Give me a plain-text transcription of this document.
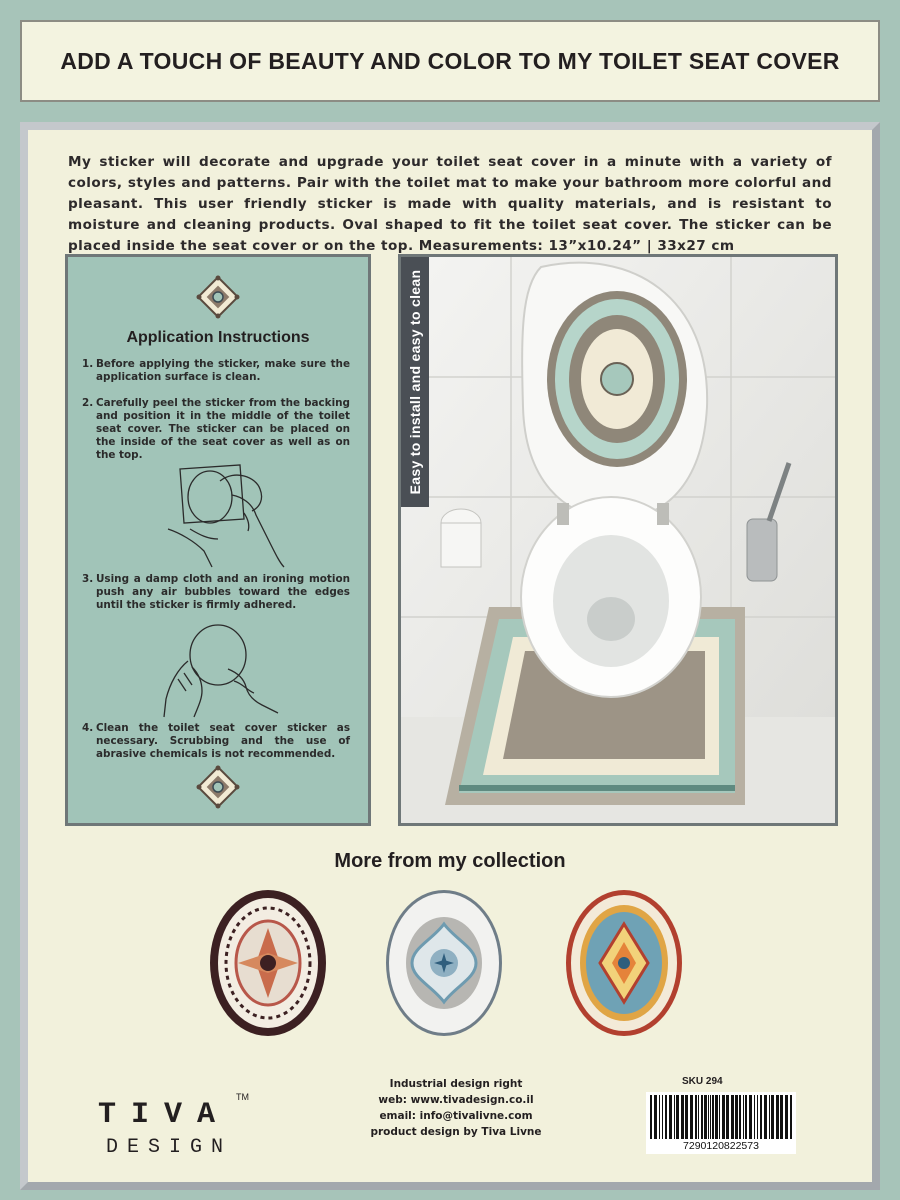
ADD A TOUCH OF BEAUTY AND COLOR TO MY TOILET SEAT COVER
My sticker will decorate and upgrade your toilet seat cover in a minute with a variety of colors, styles and patterns. Pair with the toilet mat to make your bathroom more colorful and pleasant. This user friendly sticker is made with quality materials, and is resistant to moisture and cleaning products. Oval shaped to fit the toilet seat cover. The sticker can be placed inside the seat cover or on the top. Measurements: 13”x10.24” | 33x27 cm
Application Instructions
1. Before applying the sticker, make sure the application surface is clean.
2. Carefully peel the sticker from the backing and position it in the middle of the toilet seat cover. The sticker can be placed on the inside of the seat cover as well as on the top.
3. Using a damp cloth and an ironing motion push any air bubbles toward the edges until the sticker is firmly adhered.
4. Clean the toilet seat cover sticker as necessary. Scrubbing and the use of abrasive chemicals is not recommended.
Easy to install and easy to clean
More from my collection
TIVA
TM
DESIGN
Industrial design right
web: www.tivadesign.co.il
email: info@tivalivne.com
product design by Tiva Livne
SKU 294
7290120822573
